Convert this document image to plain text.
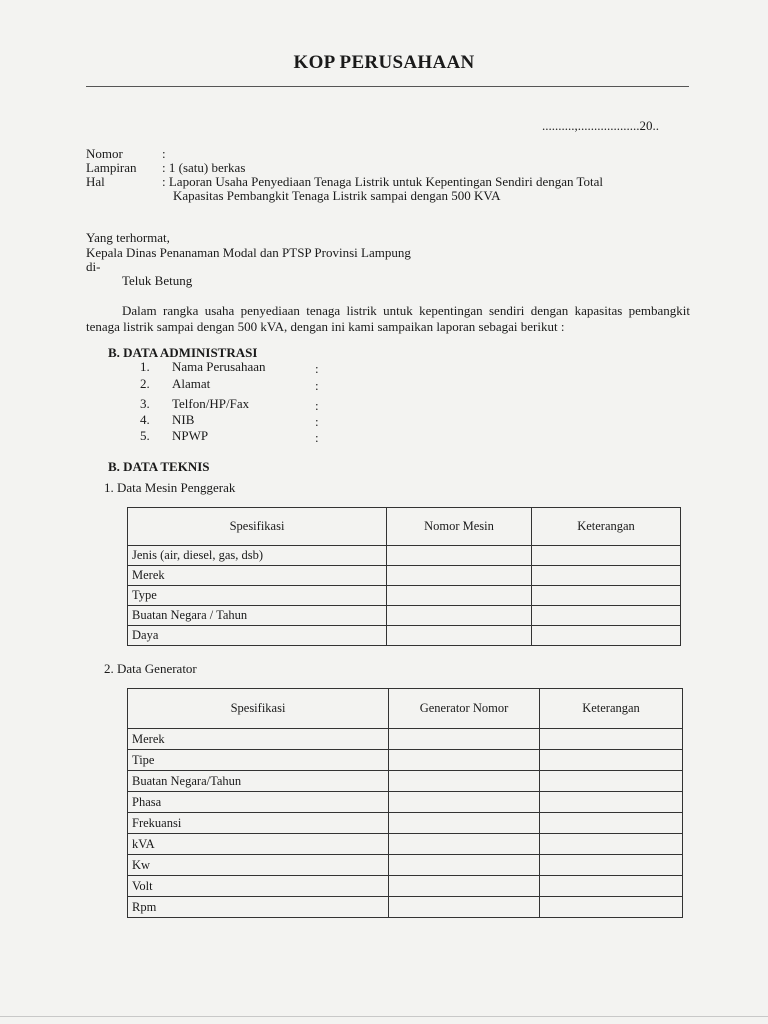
KOP PERUSAHAAN
..........,...................20..
Nomor	:
Lampiran : 1 (satu) berkas
Hal	: Laporan Usaha Penyediaan Tenaga Listrik untuk Kepentingan Sendiri dengan Total
Kapasitas Pembangkit Tenaga Listrik sampai dengan 500 KVA
Yang terhormat,
Kepala Dinas Penanaman Modal dan PTSP Provinsi Lampung
di-
Teluk Betung
Dalam rangka usaha penyediaan tenaga listrik untuk kepentingan sendiri dengan kapasitas pembangkit tenaga listrik sampai dengan 500 kVA, dengan ini kami sampaikan laporan sebagai berikut :
B. DATA ADMINISTRASI
1. Nama Perusahaan	:
2. Alamat	:
3. Telfon/HP/Fax	:
4. NIB	:
5. NPWP	:
B. DATA TEKNIS
1. Data Mesin Penggerak
Spesifikasi	Nomor Mesin	Keterangan
Jenis (air, diesel, gas, dsb)		
Merek		
Type		
Buatan Negara / Tahun		
Daya		
2. Data Generator
Spesifikasi	Generator Nomor	Keterangan
Merek		
Tipe		
Buatan Negara/Tahun		
Phasa		
Frekuansi		
kVA		
Kw		
Volt		
Rpm		
